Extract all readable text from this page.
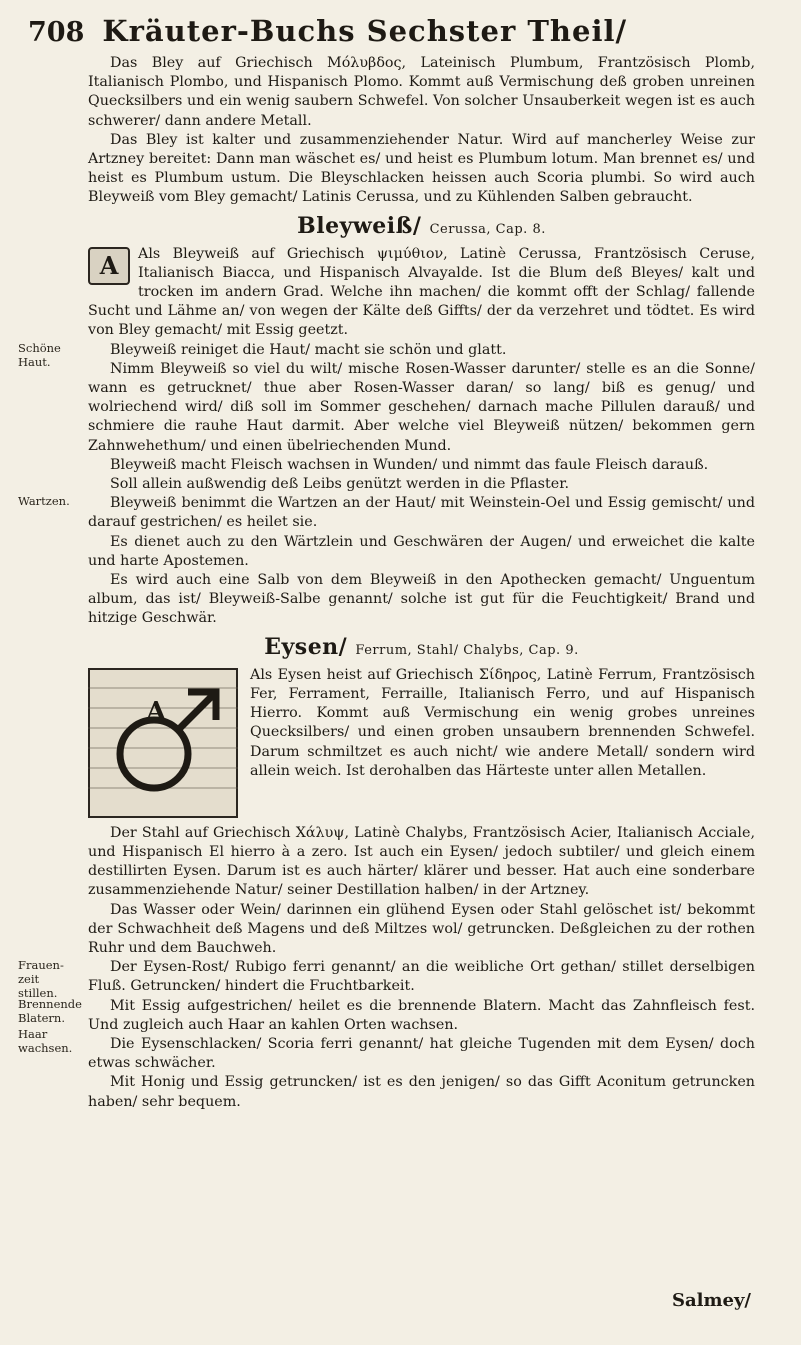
708 Kräuter-Buchs Sechster Theil/

Das Bley auf Griechisch Μόλυβδος, Lateinisch Plumbum, Frantzösisch Plomb, Italianisch Plombo, und Hispanisch Plomo. Kommt auß Vermischung deß groben unreinen Quecksilbers und ein wenig saubern Schwefel. Von solcher Unsauberkeit wegen ist es auch schwerer/ dann andere Metall.

Das Bley ist kalter und zusammenziehender Natur. Wird auf mancherley Weise zur Artzney bereitet: Dann man wäschet es/ und heist es Plumbum lotum. Man brennet es/ und heist es Plumbum ustum. Die Bleyschlacken heissen auch Scoria plumbi. So wird auch Bleyweiß vom Bley gemacht/ Latinis Cerussa, und zu Kühlenden Salben gebraucht.

Bleyweiß/ Cerussa, Cap. 8.
A	Als Bleyweiß auf Griechisch ψιμύθιον, Latinè Cerussa, Frantzösisch Ceruse, Italianisch Biacca, und Hispanisch Alvayalde. Ist die Blum deß Bleyes/ kalt und trocken im andern Grad. Welche ihn machen/ die kommt offt der Schlag/ fallende Sucht und Lähme an/ von wegen der Kälte deß Giffts/ der da verzehret und tödtet. Es wird von Bley gemacht/ mit Essig geetzt.

Schöne Haut.

Bleyweiß reiniget die Haut/ macht sie schön und glatt.

Nimm Bleyweiß so viel du wilt/ mische Rosen-Wasser darunter/ stelle es an die Sonne/ wann es getrucknet/ thue aber Rosen-Wasser daran/ so lang/ biß es genug/ und wolriechend wird/ diß soll im Sommer geschehen/ darnach mache Pillulen darauß/ und schmiere die rauhe Haut darmit. Aber welche viel Bleyweiß nützen/ bekommen gern Zahnwehethum/ und einen übelriechenden Mund.

Bleyweiß macht Fleisch wachsen in Wunden/ und nimmt das faule Fleisch darauß.

Soll allein außwendig deß Leibs genützt werden in die Pflaster.

Wartzen.	Bleyweiß benimmt die Wartzen an der Haut/ mit Weinstein-Oel und Essig gemischt/ und darauf gestrichen/ es heilet sie.

Es dienet auch zu den Wärtzlein und Geschwären der Augen/ und erweichet die kalte und harte Apostemen.

Es wird auch eine Salb von dem Bleyweiß in den Apothecken gemacht/ Unguentum album, das ist/ Bleyweiß-Salbe genannt/ solche ist gut für die Feuchtigkeit/ Brand und hitzige Geschwär.

Eysen/ Ferrum, Stahl/ Chalybs, Cap. 9.
A

Als Eysen heist auf Griechisch Σίδηρος, Latinè Ferrum, Frantzösisch Fer, Ferrament, Ferraille, Italianisch Ferro, und auf Hispanisch Hierro. Kommt auß Vermischung ein wenig grobes unreines Quecksilbers/ und einen groben unsaubern brennenden Schwefel. Darum schmiltzet es auch nicht/ wie andere Metall/ sondern wird allein weich. Ist derohalben das Härteste unter allen Metallen.

Der Stahl auf Griechisch Χάλυψ, Latinè Chalybs, Frantzösisch Acier, Italianisch Acciale, und Hispanisch El hierro à a zero. Ist auch ein Eysen/ jedoch subtiler/ und gleich einem destillirten Eysen. Darum ist es auch härter/ klärer und besser. Hat auch eine sonderbare zusammenziehende Natur/ seiner Destillation halben/ in der Artzney.

Das Wasser oder Wein/ darinnen ein glühend Eysen oder Stahl gelöschet ist/ bekommt der Schwachheit deß Magens und deß Miltzes wol/ getruncken. Deßgleichen zu der rothen Ruhr und dem Bauchweh.

Frauen-zeit stillen.

Der Eysen-Rost/ Rubigo ferri genannt/ an die weibliche Ort gethan/ stillet derselbigen Fluß. Getruncken/ hindert die Fruchtbarkeit.

Brennende Blatern.
Haar wachsen.

Mit Essig aufgestrichen/ heilet es die brennende Blatern. Macht das Zahnfleisch fest. Und zugleich auch Haar an kahlen Orten wachsen.

Die Eysenschlacken/ Scoria ferri genannt/ hat gleiche Tugenden mit dem Eysen/ doch etwas schwächer.

Mit Honig und Essig getruncken/ ist es den jenigen/ so das Gifft Aconitum getruncken haben/ sehr bequem.

Salmey/
